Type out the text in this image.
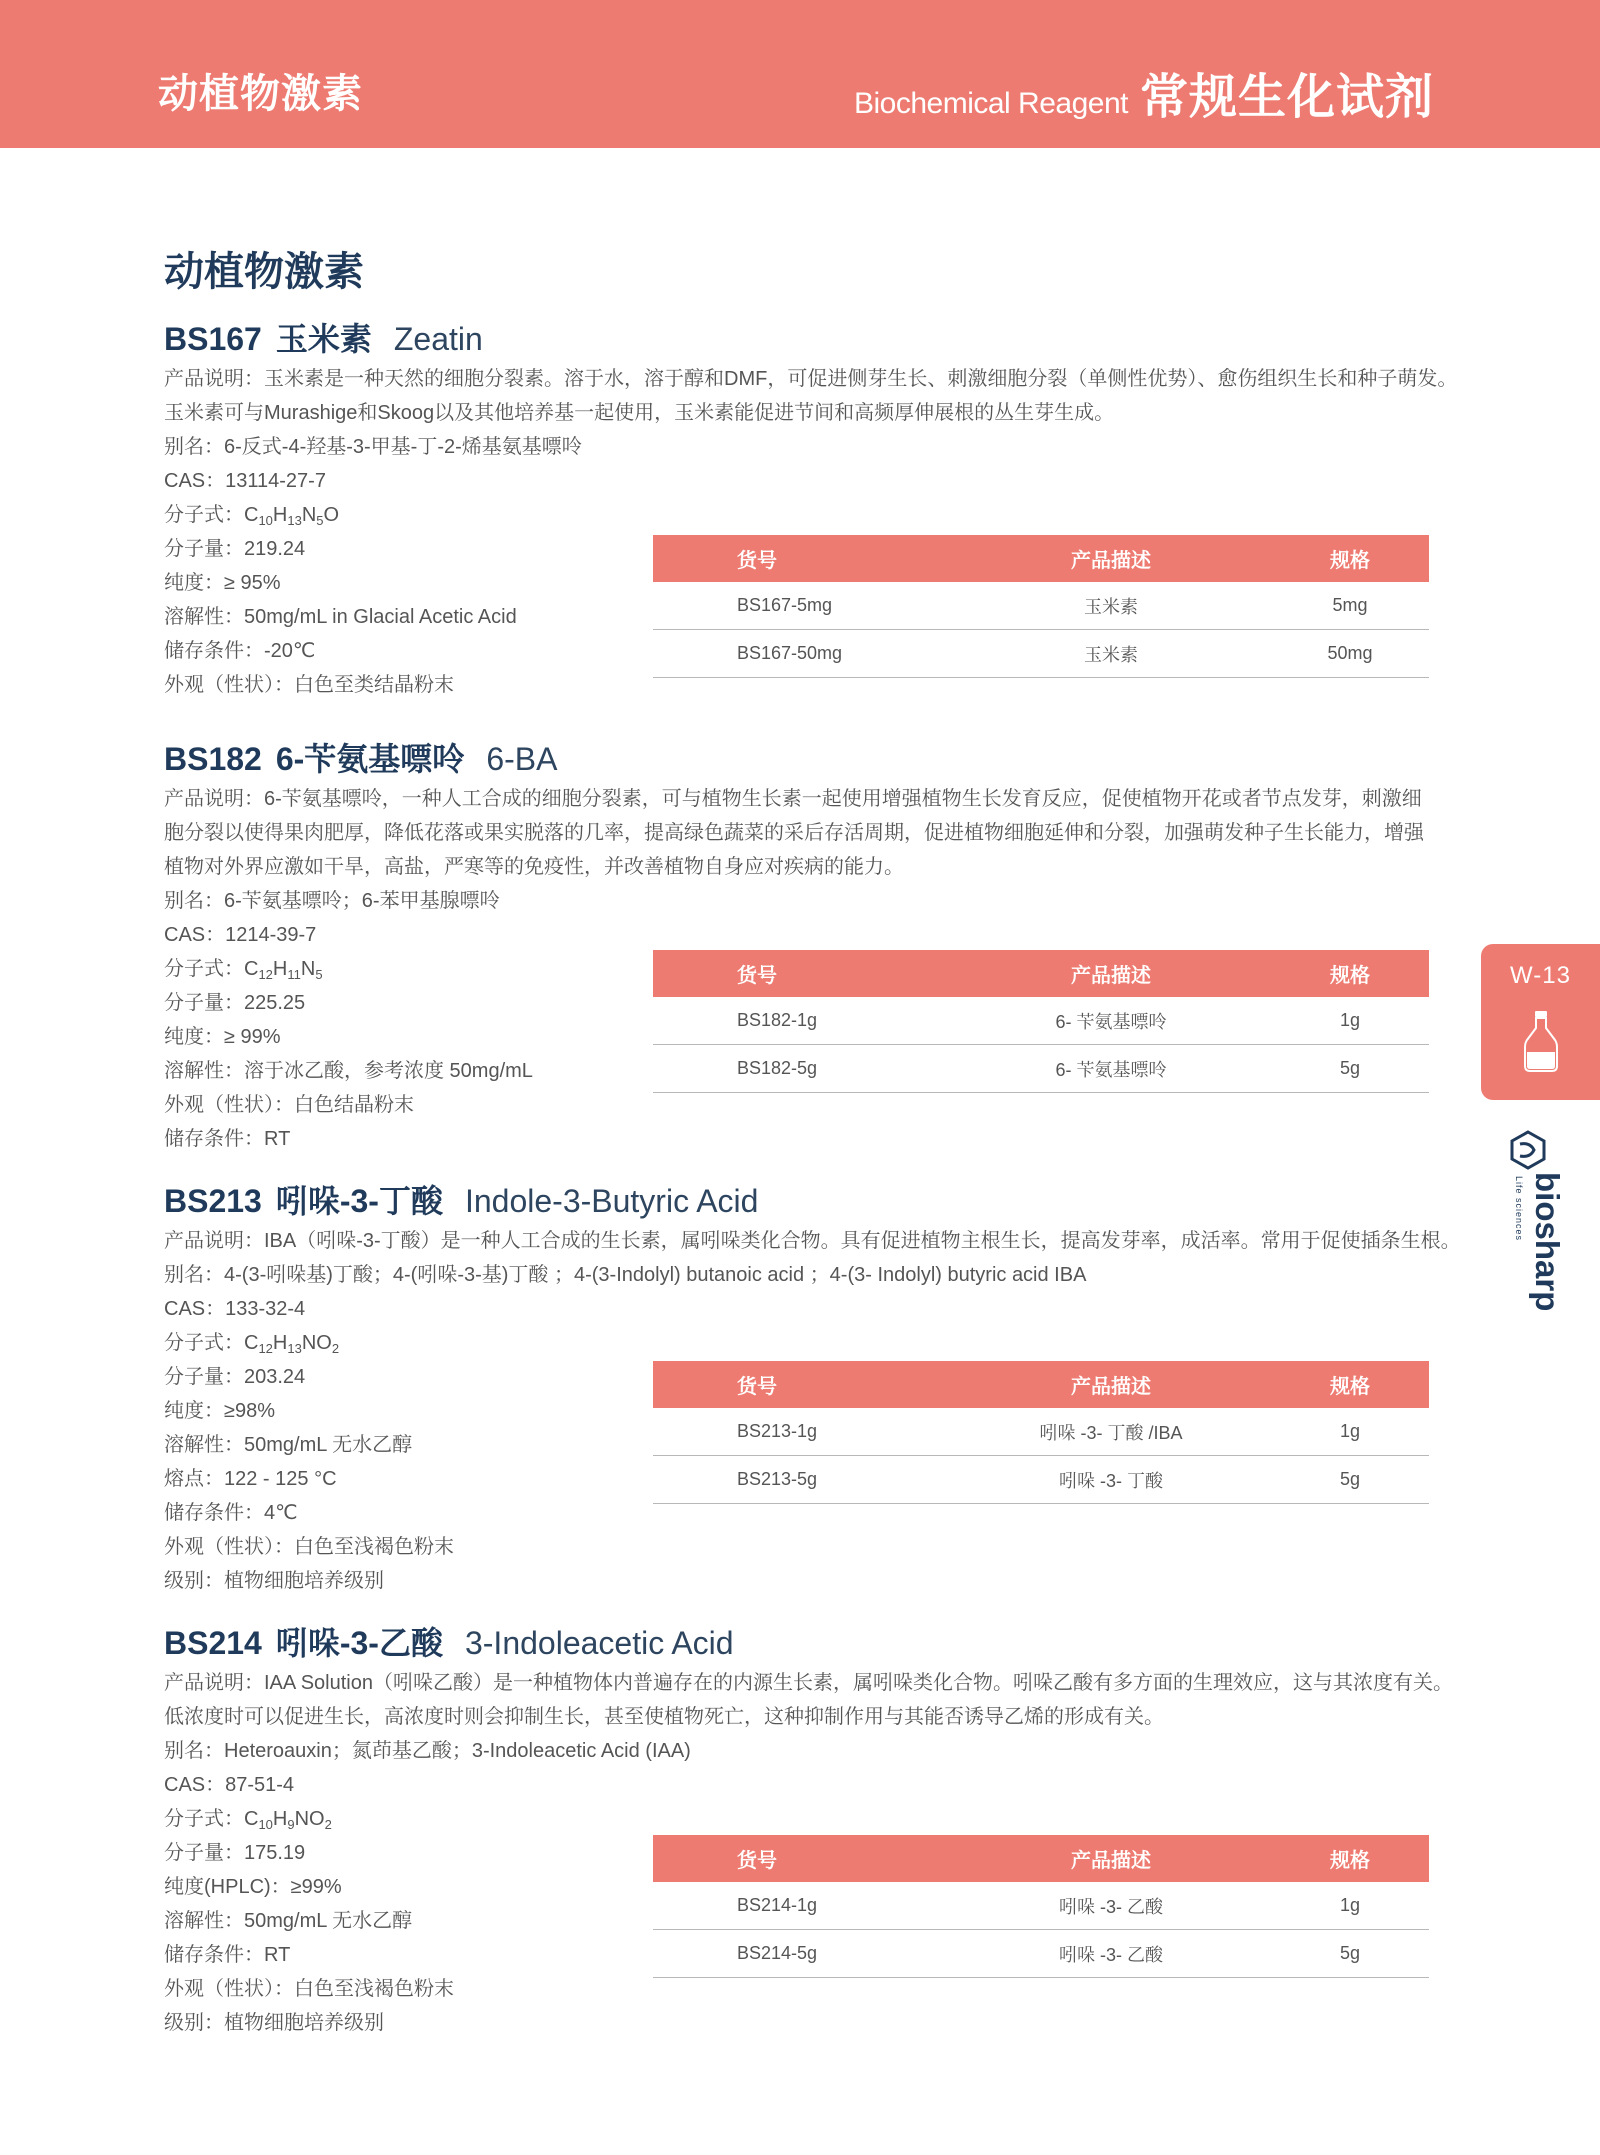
动植物激素	Biochemical Reagent 常规生化试剂
动植物激素
BS167 玉米素 Zeatin
产品说明：玉米素是一种天然的细胞分裂素。溶于水，溶于醇和DMF，可促进侧芽生长、刺激细胞分裂（单侧性优势）、愈伤组织生长和种子萌发。
玉米素可与Murashige和Skoog以及其他培养基一起使用，玉米素能促进节间和高频厚伸展根的丛生芽生成。
别名：6-反式-4-羟基-3-甲基-丁-2-烯基氨基嘌呤
CAS：13114-27-7
分子式：$C_{10}H_{13}N_5O$
分子量：219.24
纯度：≥ 95%
溶解性：50mg/mL in Glacial Acetic Acid
储存条件：-20℃
外观（性状）：白色至类结晶粉末
BS182 6-苄氨基嘌呤 6-BA
产品说明：6-苄氨基嘌呤，一种人工合成的细胞分裂素，可与植物生长素一起使用增强植物生长发育反应，促使植物开花或者节点发芽，刺激细
胞分裂以使得果肉肥厚，降低花落或果实脱落的几率，提高绿色蔬菜的采后存活周期，促进植物细胞延伸和分裂，加强萌发种子生长能力，增强
植物对外界应激如干旱，高盐，严寒等的免疫性，并改善植物自身应对疾病的能力。
别名：6-苄氨基嘌呤；6-苯甲基腺嘌呤
CAS：1214-39-7
分子式：$C_{12}H_{11}N_5$
分子量：225.25
纯度：≥ 99%
溶解性：溶于冰乙酸，参考浓度 50mg/mL
外观（性状）：白色结晶粉末
储存条件：RT
BS213 吲哚-3-丁酸 Indole-3-Butyric Acid
产品说明：IBA（吲哚-3-丁酸）是一种人工合成的生长素，属吲哚类化合物。具有促进植物主根生长，提高发芽率，成活率。常用于促使插条生根。
别名：4-(3-吲哚基)丁酸；4-(吲哚-3-基)丁酸 ；4-(3-Indolyl) butanoic acid ；4-(3- Indolyl) butyric acid IBA
CAS：133-32-4
分子式：$C_{12}H_{13}NO_2$
分子量：203.24
纯度：≥98%
溶解性：50mg/mL 无水乙醇
熔点：122 - 125 °C
储存条件：4℃
外观（性状）：白色至浅褐色粉末
级别：植物细胞培养级别
BS214 吲哚-3-乙酸 3-Indoleacetic Acid
产品说明：IAA Solution（吲哚乙酸）是一种植物体内普遍存在的内源生长素，属吲哚类化合物。吲哚乙酸有多方面的生理效应，这与其浓度有关。
低浓度时可以促进生长，高浓度时则会抑制生长，甚至使植物死亡，这种抑制作用与其能否诱导乙烯的形成有关。
别名：Heteroauxin；氮茚基乙酸；3-Indoleacetic Acid (IAA)
CAS：87-51-4
分子式：$C_{10}H_9NO_2$
分子量：175.19
纯度(HPLC)：≥99%
溶解性：50mg/mL 无水乙醇
储存条件：RT
外观（性状）：白色至浅褐色粉末
级别：植物细胞培养级别
货号	产品描述	规格
BS167-5mg	玉米素	5mg
BS167-50mg	玉米素	50mg
货号	产品描述	规格
BS182-1g	6- 苄氨基嘌呤	1g
BS182-5g	6- 苄氨基嘌呤	5g
货号	产品描述	规格
BS213-1g	吲哚 -3- 丁酸 /IBA	1g
BS213-5g	吲哚 -3- 丁酸	5g
货号	产品描述	规格
BS214-1g	吲哚 -3- 乙酸	1g
BS214-5g	吲哚 -3- 乙酸	5g
W-13
biosharp
Life sciences
